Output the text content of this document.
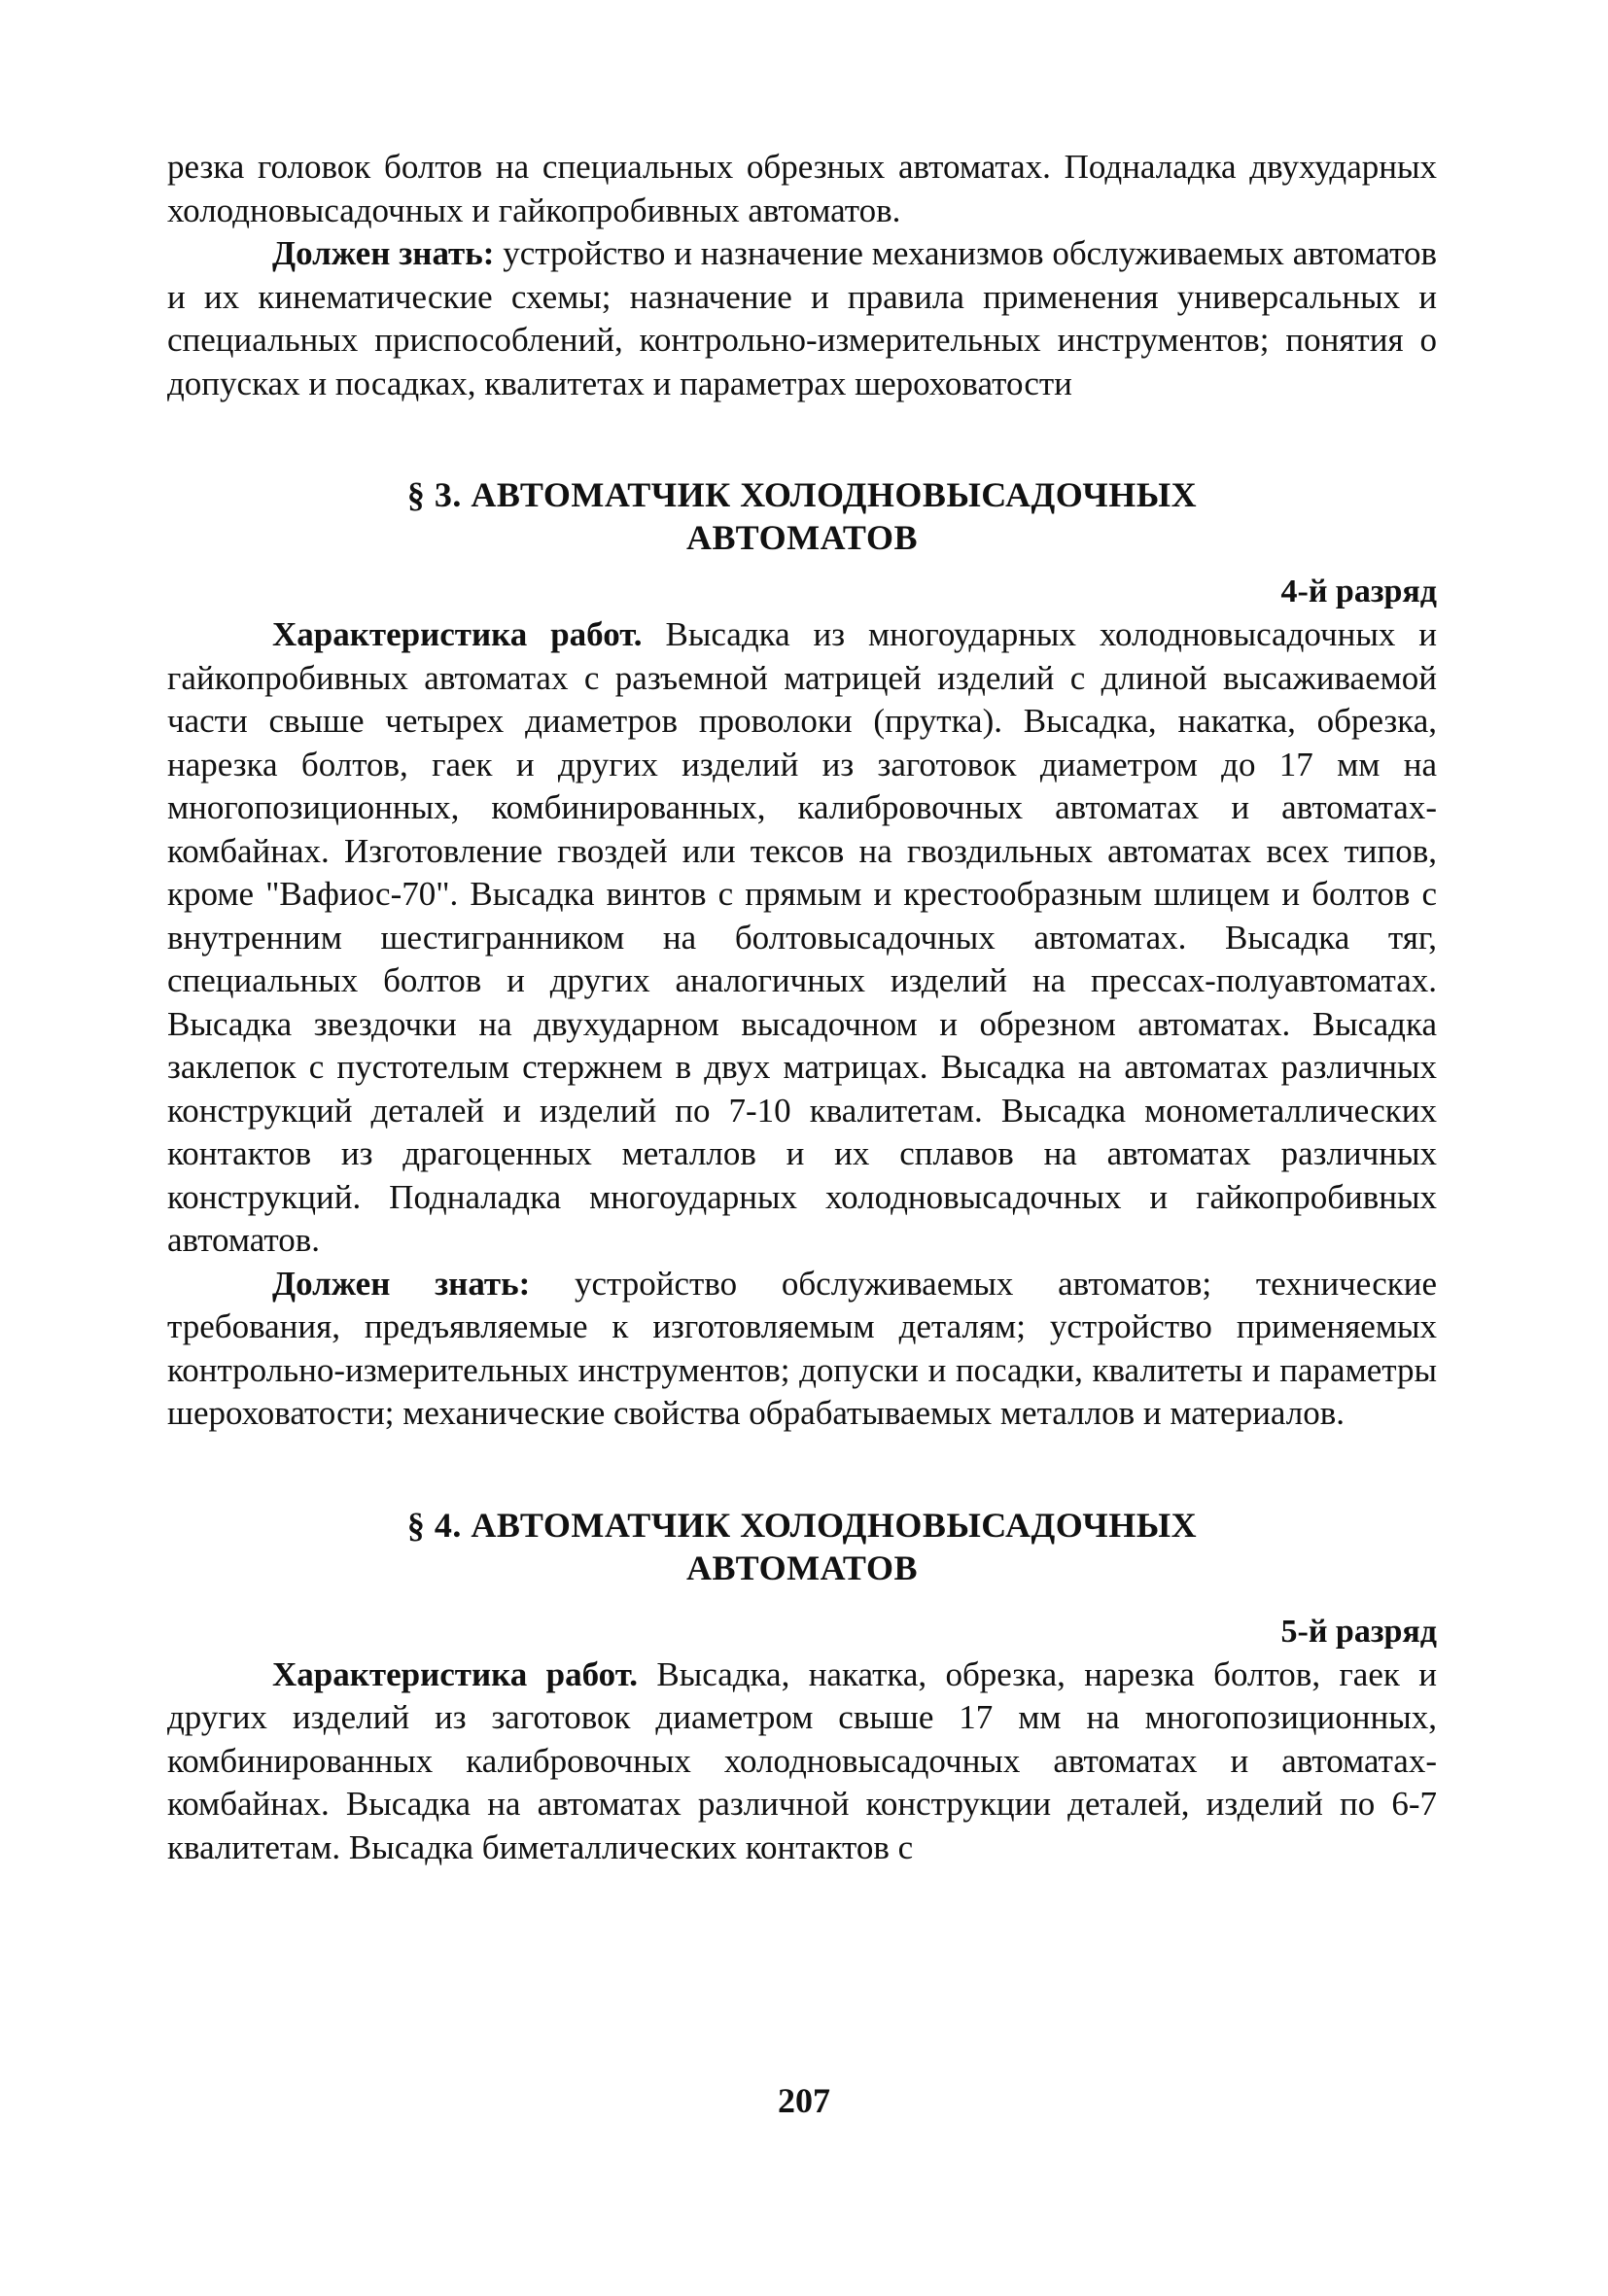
резка головок болтов на специальных обрезных автоматах. Подналадка двухударных холодновысадочных и гайкопробивных автоматов.

Должен знать: устройство и назначение механизмов обслуживаемых автоматов и их кинематические схемы; назначение и правила применения универсальных и специальных приспособлений, контрольно-измерительных инструментов; понятия о допусках и посадках, квалитетах и параметрах шероховатости

§ 3. АВТОМАТЧИК ХОЛОДНОВЫСАДОЧНЫХ
АВТОМАТОВ
4-й разряд

Характеристика работ. Высадка из многоударных холодновысадочных и гайкопробивных автоматах с разъемной матрицей изделий с длиной высаживаемой части свыше четырех диаметров проволоки (прутка). Высадка, накатка, обрезка, нарезка болтов, гаек и других изделий из заготовок диаметром до 17 мм на многопозиционных, комбинированных, калибровочных автоматах и автоматах-комбайнах. Изготовление гвоздей или тексов на гвоздильных автоматах всех типов, кроме "Вафиос-70". Высадка винтов с прямым и крестообразным шлицем и болтов с внутренним шестигранником на болтовысадочных автоматах. Высадка тяг, специальных болтов и других аналогичных изделий на прессах-полуавтоматах. Высадка звездочки на двухударном высадочном и обрезном автоматах. Высадка заклепок с пустотелым стержнем в двух матрицах. Высадка на автоматах различных конструкций деталей и изделий по 7-10 квалитетам. Высадка монометаллических контактов из драгоценных металлов и их сплавов на автоматах различных конструкций. Подналадка многоударных холодновысадочных и гайкопробивных автоматов.

Должен знать: устройство обслуживаемых автоматов; технические требования, предъявляемые к изготовляемым деталям; устройство применяемых контрольно-измерительных инструментов; допуски и посадки, квалитеты и параметры шероховатости; механические свойства обрабатываемых металлов и материалов.

§ 4. АВТОМАТЧИК ХОЛОДНОВЫСАДОЧНЫХ
АВТОМАТОВ
5-й разряд

Характеристика работ. Высадка, накатка, обрезка, нарезка болтов, гаек и других изделий из заготовок диаметром свыше 17 мм на многопозиционных, комбинированных калибровочных холодновысадочных автоматах и автоматах-комбайнах. Высадка на автоматах различной конструкции деталей, изделий по 6-7 квалитетам. Высадка биметаллических контактов с

207
